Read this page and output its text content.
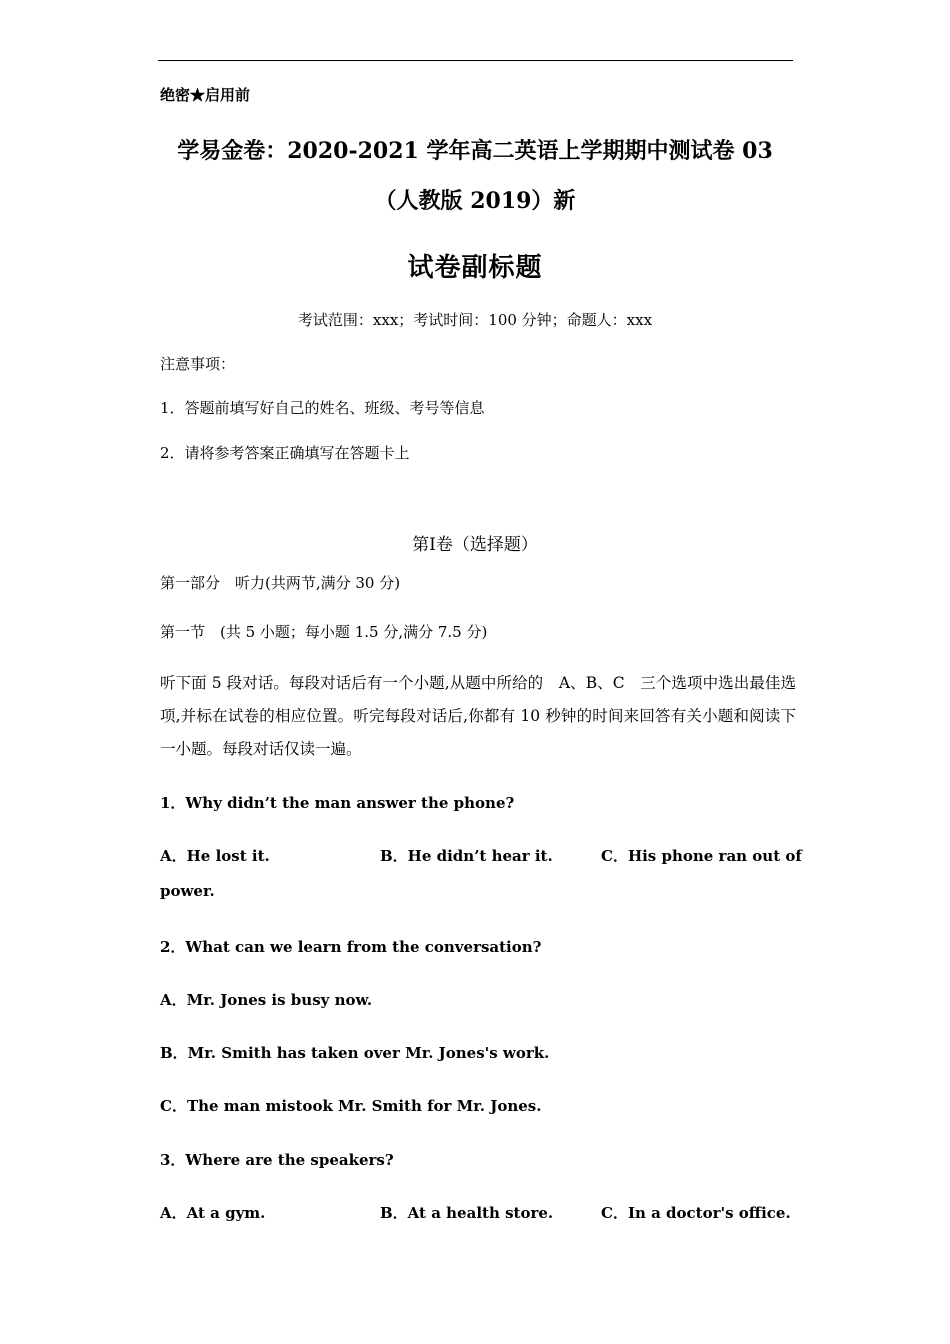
绝密★启用前
学易金卷：2020-2021 学年高二英语上学期期中测试卷 03
（人教版 2019）新
试卷副标题
考试范围：xxx；考试时间：100 分钟；命题人：xxx
注意事项：
1．答题前填写好自己的姓名、班级、考号等信息
2．请将参考答案正确填写在答题卡上
第Ⅰ卷（选择题）
第一部分　听力(共两节,满分 30 分)
第一节　(共 5 小题；每小题 1.5 分,满分 7.5 分)
听下面 5 段对话。每段对话后有一个小题,从题中所给的　A、B、C　三个选项中选出最佳选项,并标在试卷的相应位置。听完每段对话后,你都有 10 秒钟的时间来回答有关小题和阅读下一小题。每段对话仅读一遍。
1．Why didn’t the man answer the phone?
A．He lost it.	B．He didn’t hear it.	C．His phone ran out of
power.
2．What can we learn from the conversation?
A．Mr. Jones is busy now.
B．Mr. Smith has taken over Mr. Jones's work.
C．The man mistook Mr. Smith for Mr. Jones.
3．Where are the speakers?
A．At a gym.	B．At a health store.	C．In a doctor's office.
